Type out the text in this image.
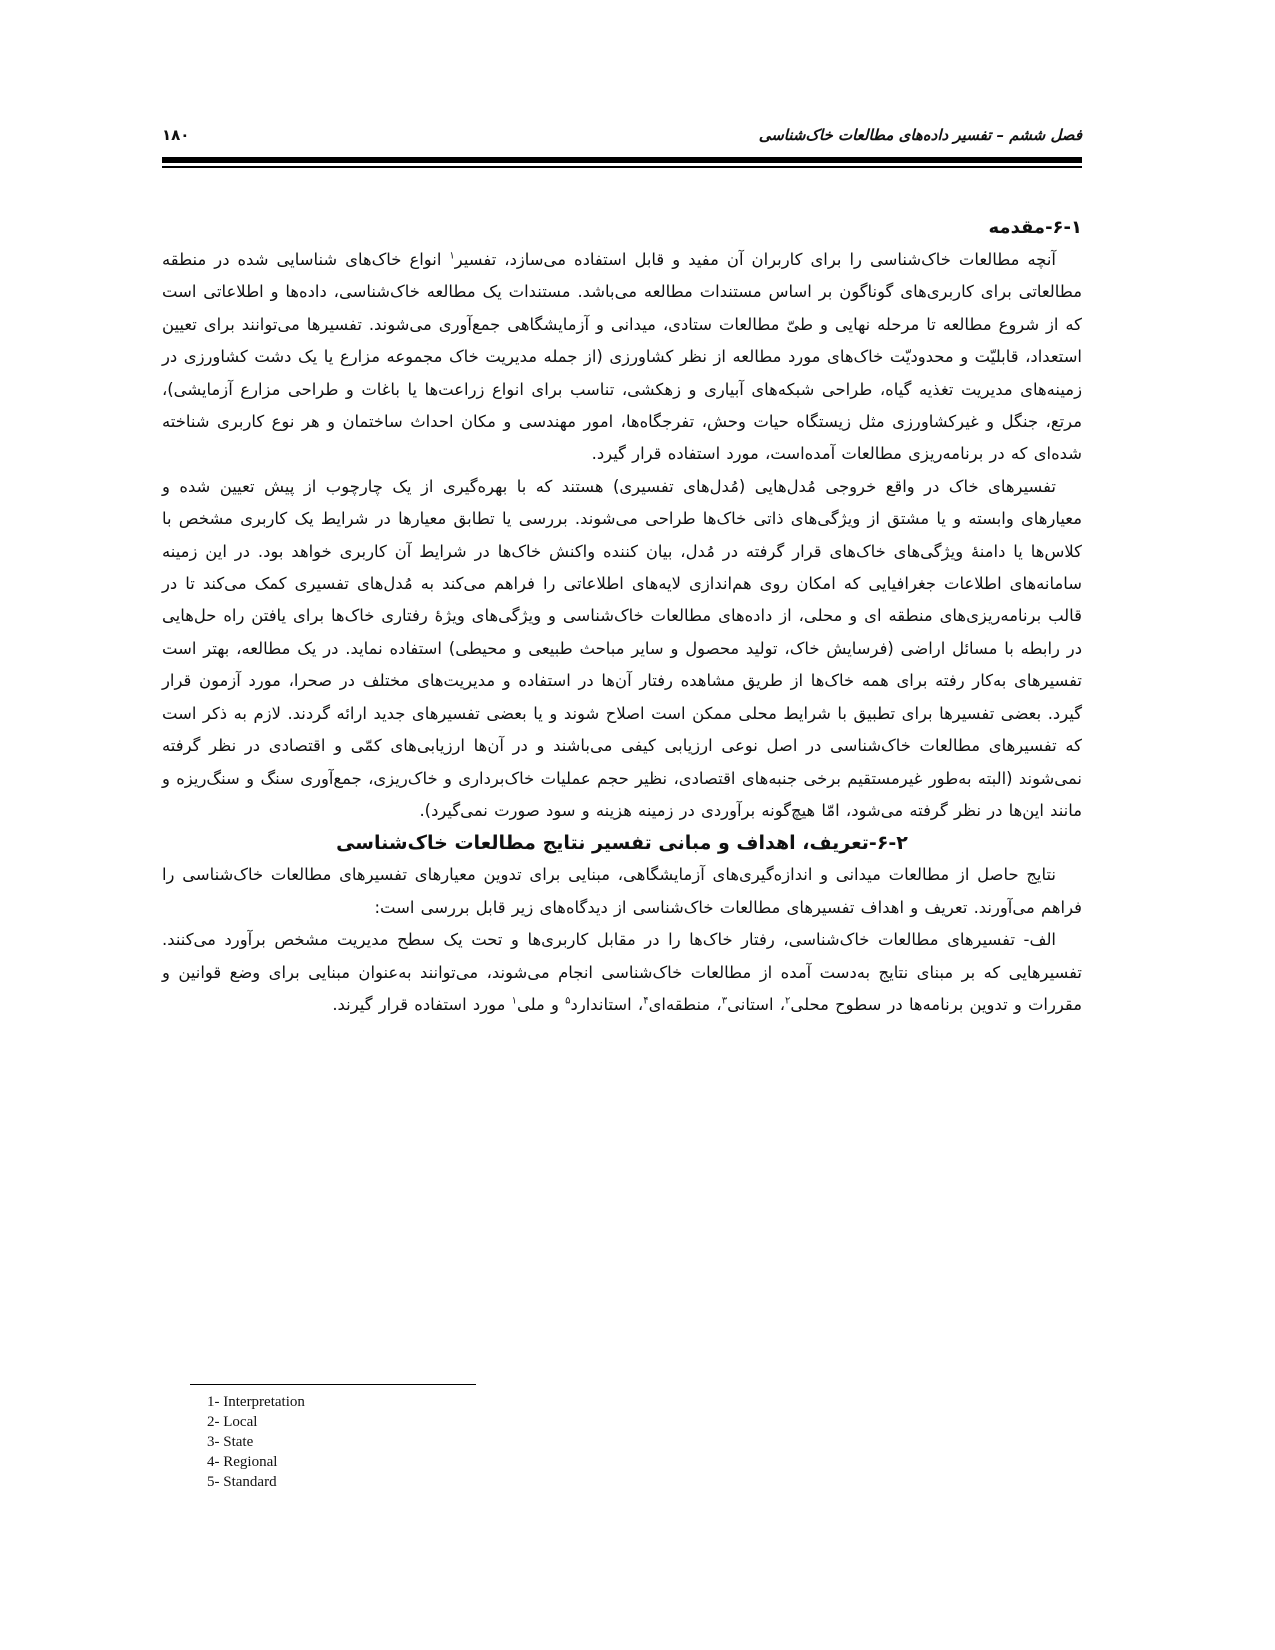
فصل ششم – تفسیر داده‌های مطالعات خاک‌شناسی
۱۸۰
۶-۱-مقدمه

آنچه مطالعات خاک‌شناسی را برای کاربران آن مفید و قابل استفاده می‌سازد، تفسیر$^۱$ انواع خاک‌های شناسایی شده در منطقه مطالعاتی برای کاربری‌های گوناگون بر اساس مستندات مطالعه می‌باشد. مستندات یک مطالعه خاک‌شناسی، داده‌ها و اطلاعاتی است که از شروع مطالعه تا مرحله نهایی و طیّ مطالعات ستادی، میدانی و آزمایشگاهی جمع‌آوری می‌شوند. تفسیرها می‌توانند برای تعیین استعداد، قابلیّت و محدودیّت خاک‌های مورد مطالعه از نظر کشاورزی (از جمله مدیریت خاک مجموعه مزارع یا یک دشت کشاورزی در زمینه‌های مدیریت تغذیه گیاه، طراحی شبکه‌های آبیاری و زهکشی، تناسب برای انواع زراعت‌ها یا باغات و طراحی مزارع آزمایشی)، مرتع، جنگل و غیرکشاورزی مثل زیستگاه حیات وحش، تفرجگاه‌ها، امور مهندسی و مکان احداث ساختمان و هر نوع کاربری شناخته شده‌ای که در برنامه‌ریزی مطالعات آمده‌است، مورد استفاده قرار گیرد.

تفسیرهای خاک در واقع خروجی مُدل‌هایی (مُدل‌های تفسیری) هستند که با بهره‌گیری از یک چارچوب از پیش تعیین شده و معیارهای وابسته و یا مشتق از ویژگی‌های ذاتی خاک‌ها طراحی می‌شوند. بررسی یا تطابق معیارها در شرایط یک کاربری مشخص با کلاس‌ها یا دامنهٔ ویژگی‌های خاک‌های قرار گرفته در مُدل، بیان کننده واکنش خاک‌ها در شرایط آن کاربری خواهد بود. در این زمینه سامانه‌های اطلاعات جغرافیایی که امکان روی هم‌اندازی لایه‌های اطلاعاتی را فراهم می‌کند به مُدل‌های تفسیری کمک می‌کند تا در قالب برنامه‌ریزی‌های منطقه ای و محلی، از داده‌های مطالعات خاک‌شناسی و ویژگی‌های ویژهٔ رفتاری خاک‌ها برای یافتن راه حل‌هایی در رابطه با مسائل اراضی (فرسایش خاک، تولید محصول و سایر مباحث طبیعی و محیطی) استفاده نماید. در یک مطالعه، بهتر است تفسیرهای به‌کار رفته برای همه خاک‌ها از طریق مشاهده رفتار آن‌ها در استفاده و مدیریت‌های مختلف در صحرا، مورد آزمون قرار گیرد. بعضی تفسیرها برای تطبیق با شرایط محلی ممکن است اصلاح شوند و یا بعضی تفسیرهای جدید ارائه گردند. لازم به ذکر است که تفسیرهای مطالعات خاک‌شناسی در اصل نوعی ارزیابی کیفی می‌باشند و در آن‌ها ارزیابی‌های کمّی و اقتصادی در نظر گرفته نمی‌شوند (البته به‌طور غیرمستقیم برخی جنبه‌های اقتصادی، نظیر حجم عملیات خاک‌برداری و خاک‌ریزی، جمع‌آوری سنگ و سنگ‌ریزه و مانند این‌ها در نظر گرفته می‌شود، امّا هیچ‌گونه برآوردی در زمینه هزینه و سود صورت نمی‌گیرد).

۶-۲-تعریف، اهداف و مبانی تفسیر نتایج مطالعات خاک‌شناسی

نتایج حاصل از مطالعات میدانی و اندازه‌گیری‌های آزمایشگاهی، مبنایی برای تدوین معیارهای تفسیرهای مطالعات خاک‌شناسی را فراهم می‌آورند. تعریف و اهداف تفسیرهای مطالعات خاک‌شناسی از دیدگاه‌های زیر قابل بررسی است:

الف- تفسیرهای مطالعات خاک‌شناسی، رفتار خاک‌ها را در مقابل کاربری‌ها و تحت یک سطح مدیریت مشخص برآورد می‌کنند. تفسیرهایی که بر مبنای نتایج به‌دست آمده از مطالعات خاک‌شناسی انجام می‌شوند، می‌توانند به‌عنوان مبنایی برای وضع قوانین و مقررات و تدوین برنامه‌ها در سطوح محلی$^۲$، استانی$^۳$، منطقه‌ای$^۴$، استاندارد$^۵$ و ملی$^۱$ مورد استفاده قرار گیرند.

1- Interpretation
2- Local
3- State
4- Regional
5- Standard
